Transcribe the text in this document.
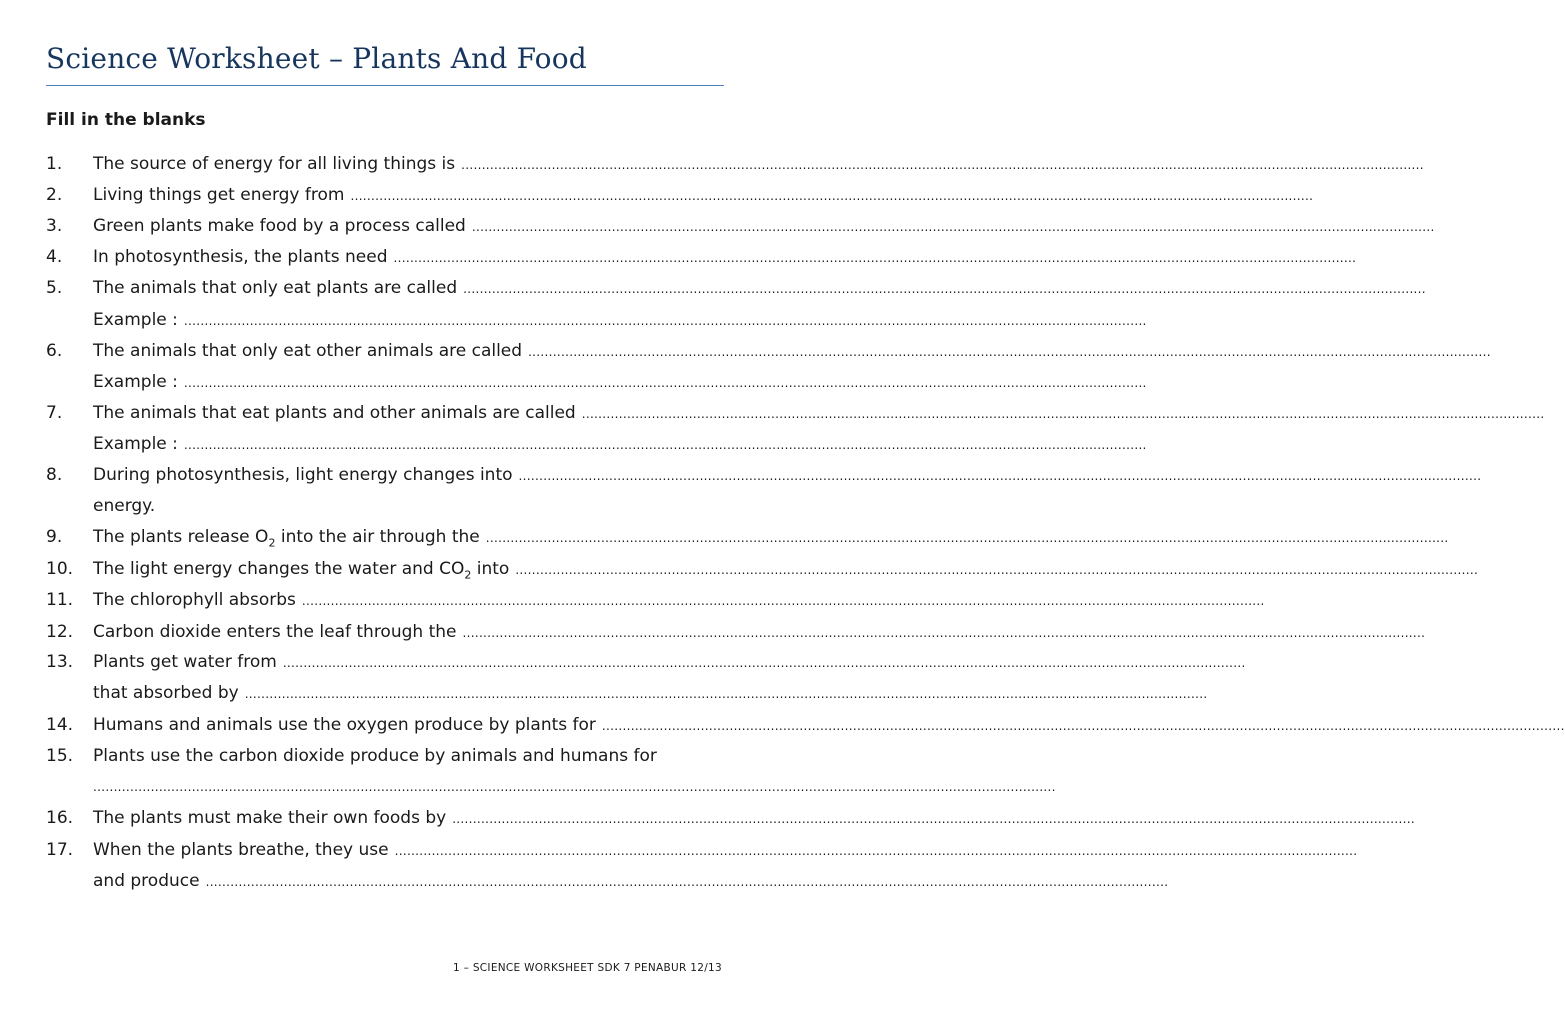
Science Worksheet – Plants And Food
Fill in the blanks
1.	The source of energy for all living things is ..........................................................................................................................................................................................................................................
2.	Living things get energy from ..........................................................................................................................................................................................................................................
3.	Green plants make food by a process called ..........................................................................................................................................................................................................................................
4.	In photosynthesis, the plants need ..........................................................................................................................................................................................................................................
5.	The animals that only eat plants are called ..........................................................................................................................................................................................................................................
Example : ..........................................................................................................................................................................................................................................
6.	The animals that only eat other animals are called ..........................................................................................................................................................................................................................................
Example : ..........................................................................................................................................................................................................................................
7.	The animals that eat plants and other animals are called ..........................................................................................................................................................................................................................................
Example : ..........................................................................................................................................................................................................................................
8.	During photosynthesis, light energy changes into ..........................................................................................................................................................................................................................................
energy.
9.	The plants release $O_2$ into the air through the ..........................................................................................................................................................................................................................................
10.	The light energy changes the water and $CO_2$ into ..........................................................................................................................................................................................................................................
11.	The chlorophyll absorbs ..........................................................................................................................................................................................................................................
12.	Carbon dioxide enters the leaf through the ..........................................................................................................................................................................................................................................
13.	Plants get water from ..........................................................................................................................................................................................................................................
that absorbed by ..........................................................................................................................................................................................................................................
14.	Humans and animals use the oxygen produce by plants for ..........................................................................................................................................................................................................................................
15.	Plants use the carbon dioxide produce by animals and humans for
..........................................................................................................................................................................................................................................
16.	The plants must make their own foods by ..........................................................................................................................................................................................................................................
17.	When the plants breathe, they use ..........................................................................................................................................................................................................................................
and produce ..........................................................................................................................................................................................................................................
1 – SCIENCE WORKSHEET SDK 7 PENABUR 12/13
